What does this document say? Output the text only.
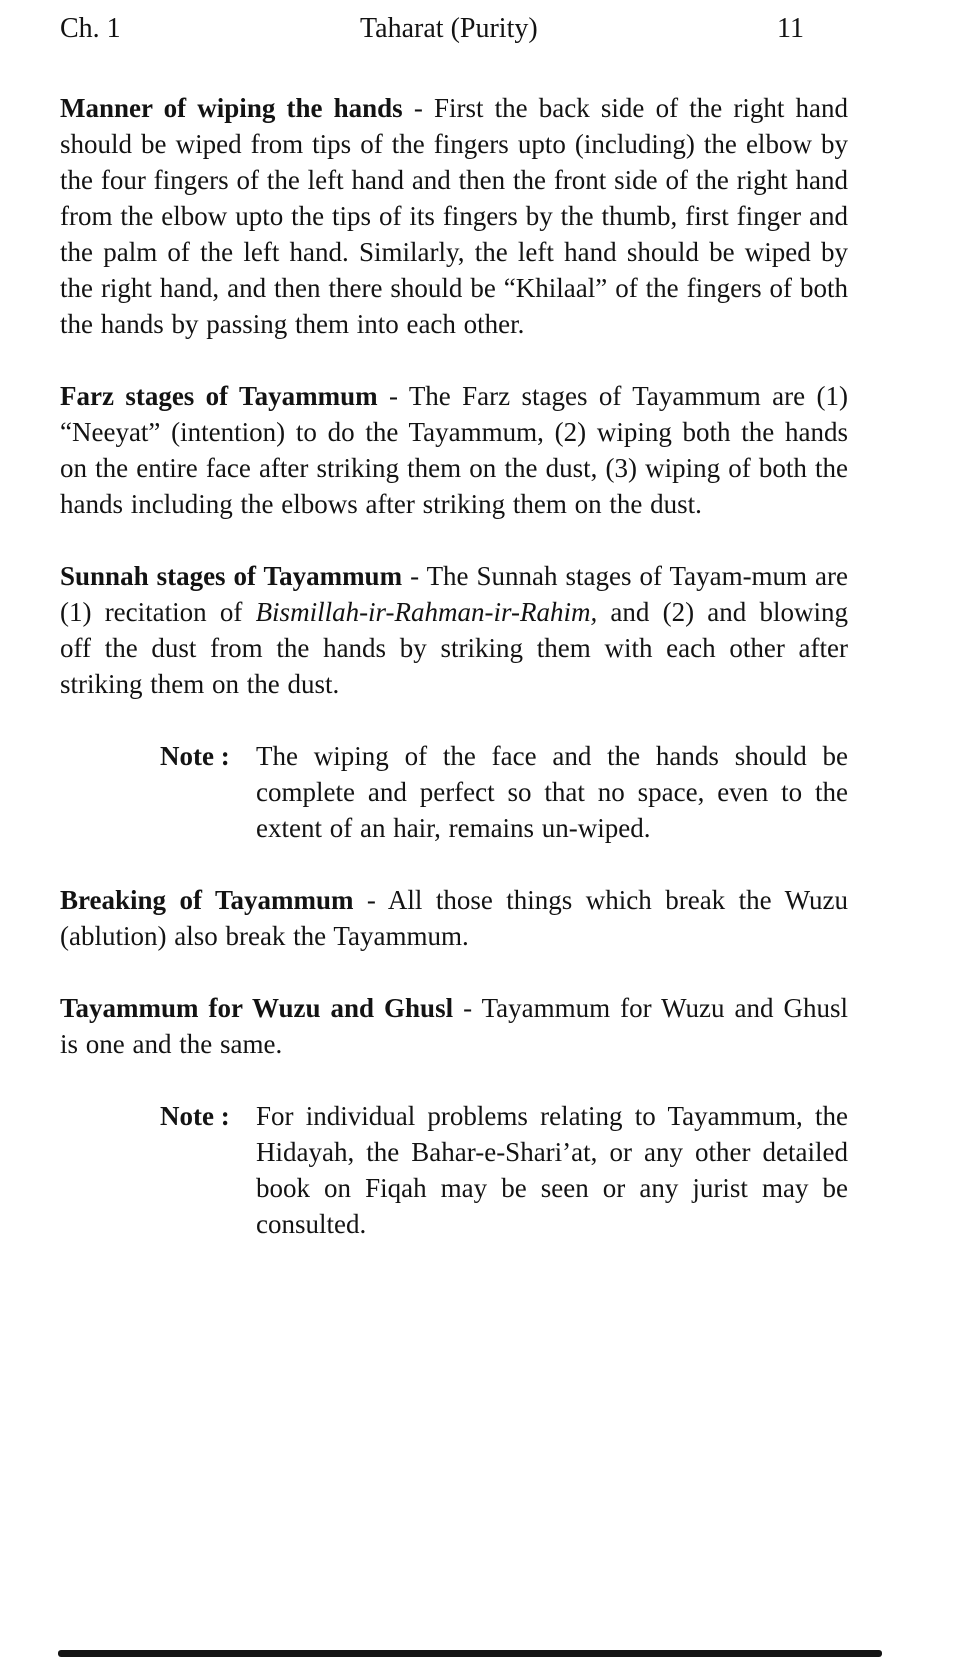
Ch. 1	Taharat (Purity)	11

Manner of wiping the hands - First the back side of the right hand should be wiped from tips of the fingers upto (including) the elbow by the four fingers of the left hand and then the front side of the right hand from the elbow upto the tips of its fingers by the thumb, first finger and the palm of the left hand. Similarly, the left hand should be wiped by the right hand, and then there should be “Khilaal” of the fingers of both the hands by passing them into each other.

Farz stages of Tayammum - The Farz stages of Tayammum are (1) “Neeyat” (intention) to do the Tayammum, (2) wiping both the hands on the entire face after striking them on the dust, (3) wiping of both the hands including the elbows after striking them on the dust.

Sunnah stages of Tayammum - The Sunnah stages of Tayam-mum are (1) recitation of Bismillah-ir-Rahman-ir-Rahim, and (2) and blowing off the dust from the hands by striking them with each other after striking them on the dust.

Note : The wiping of the face and the hands should be complete and perfect so that no space, even to the extent of an hair, remains un-wiped.

Breaking of Tayammum - All those things which break the Wuzu (ablution) also break the Tayammum.

Tayammum for Wuzu and Ghusl - Tayammum for Wuzu and Ghusl is one and the same.

Note : For individual problems relating to Tayammum, the Hidayah, the Bahar-e-Shari’at, or any other detailed book on Fiqah may be seen or any jurist may be consulted.
